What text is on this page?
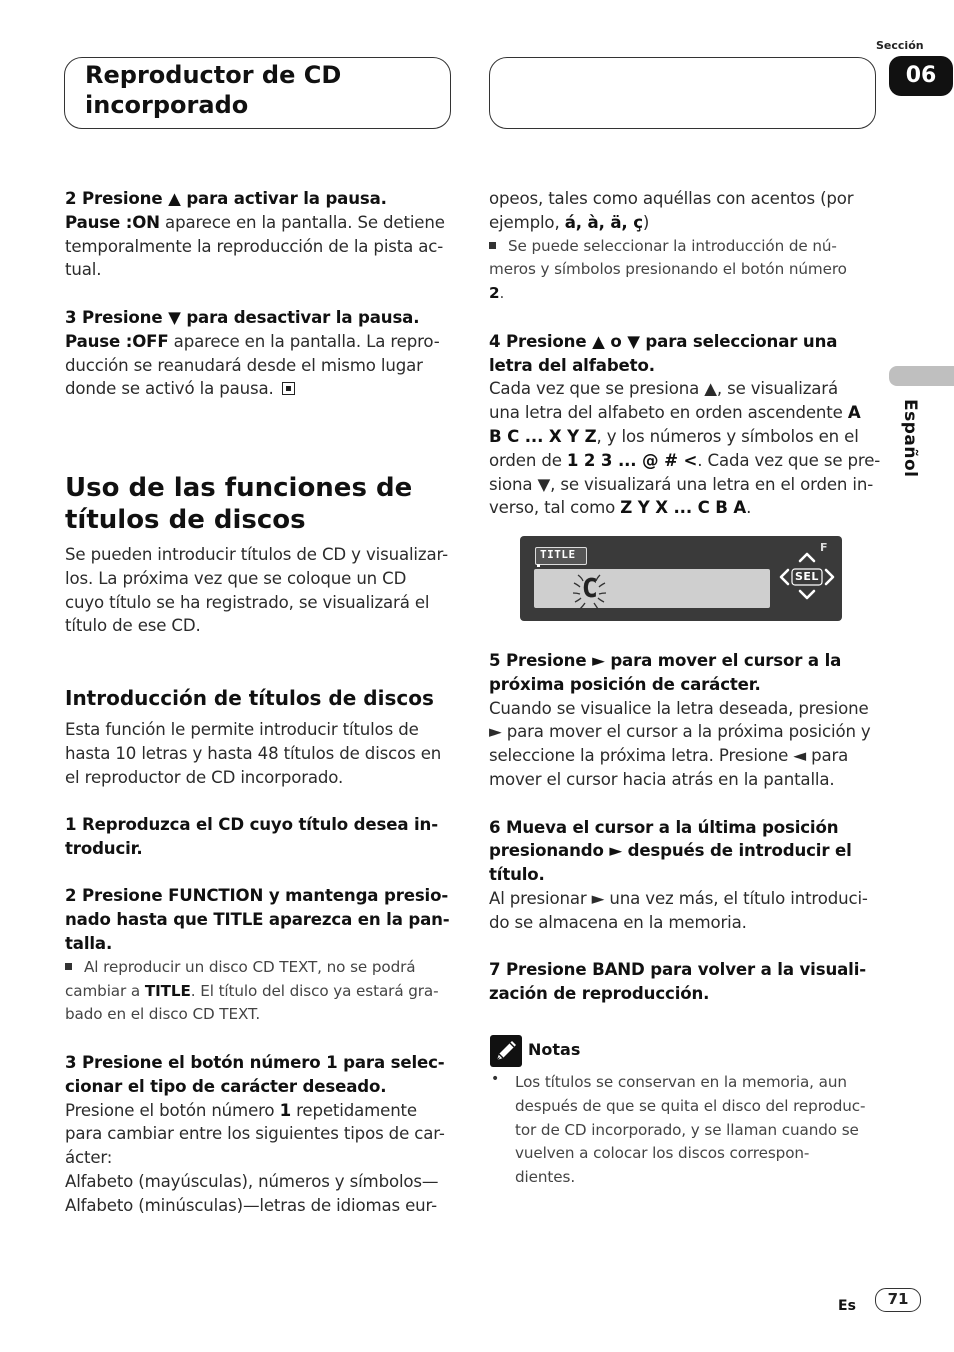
Reproductor de CD
incorporado
Sección
06
Español

2 Presione ▲ para activar la pausa.

Pause :ON aparece en la pantalla. Se detiene

temporalmente la reproducción de la pista ac-

tual.

3 Presione ▼ para desactivar la pausa.

Pause :OFF aparece en la pantalla. La repro-

ducción se reanudará desde el mismo lugar

donde se activó la pausa.

Uso de las funciones de
títulos de discos

Se pueden introducir títulos de CD y visualizar-

los. La próxima vez que se coloque un CD

cuyo título se ha registrado, se visualizará el

título de ese CD.

Introducción de títulos de discos

Esta función le permite introducir títulos de

hasta 10 letras y hasta 48 títulos de discos en

el reproductor de CD incorporado.

1 Reproduzca el CD cuyo título desea in-

troducir.

2 Presione FUNCTION y mantenga presio-

nado hasta que TITLE aparezca en la pan-

talla.

Al reproducir un disco CD TEXT, no se podrá

cambiar a TITLE. El título del disco ya estará gra-

bado en el disco CD TEXT.

3 Presione el botón número 1 para selec-

cionar el tipo de carácter deseado.

Presione el botón número 1 repetidamente

para cambiar entre los siguientes tipos de car-

ácter:

Alfabeto (mayúsculas), números y símbolos—

Alfabeto (minúsculas)—letras de idiomas eur-

opeos, tales como aquéllas con acentos (por

ejemplo, á, à, ä, ç)

Se puede seleccionar la introducción de nú-

meros y símbolos presionando el botón número

2.

4 Presione ▲ o ▼ para seleccionar una

letra del alfabeto.

Cada vez que se presiona ▲, se visualizará

una letra del alfabeto en orden ascendente A

B C ... X Y Z, y los números y símbolos en el

orden de 1 2 3 ... @ # <. Cada vez que se pre-

siona ▼, se visualizará una letra en el orden in-

verso, tal como Z Y X ... C B A.

TITLE
C
F
SEL

5 Presione ► para mover el cursor a la

próxima posición de carácter.

Cuando se visualice la letra deseada, presione

► para mover el cursor a la próxima posición y

seleccione la próxima letra. Presione ◄ para

mover el cursor hacia atrás en la pantalla.

6 Mueva el cursor a la última posición

presionando ► después de introducir el

título.

Al presionar ► una vez más, el título introduci-

do se almacena en la memoria.

7 Presione BAND para volver a la visuali-

zación de reproducción.

Notas
• Los títulos se conservan en la memoria, aun

después de que se quita el disco del reproduc-

tor de CD incorporado, y se llaman cuando se

vuelven a colocar los discos correspon-

dientes.

Es	71
